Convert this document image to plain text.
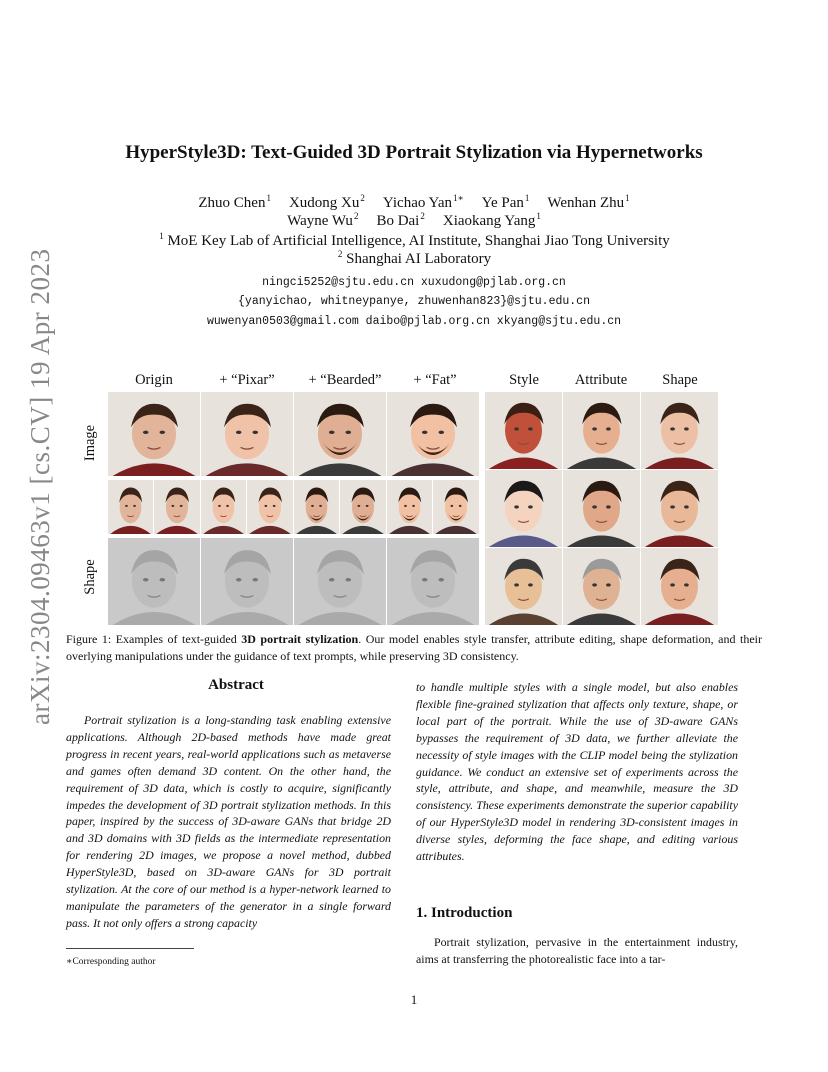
arXiv:2304.09463v1 [cs.CV] 19 Apr 2023
HyperStyle3D: Text-Guided 3D Portrait Stylization via Hypernetworks
Zhuo Chen$^1$ Xudong Xu$^2$ Yichao Yan$^{1∗}$ Ye Pan$^1$ Wenhan Zhu$^1$
Wayne Wu$^2$ Bo Dai$^2$ Xiaokang Yang$^1$
$^1$ MoE Key Lab of Artificial Intelligence, AI Institute, Shanghai Jiao Tong University
$^2$ Shanghai AI Laboratory
ningci5252@sjtu.edu.cn xuxudong@pjlab.org.cn
{yanyichao, whitneypanye, zhuwenhan823}@sjtu.edu.cn
wuwenyan0503@gmail.com daibo@pjlab.org.cn xkyang@sjtu.edu.cn
Origin	+ “Pixar”	+ “Bearded”	+ “Fat”	Style	Attribute	Shape
Image
Shape
Figure 1: Examples of text-guided 3D portrait stylization. Our model enables style transfer, attribute editing, shape deformation, and their overlying manipulations under the guidance of text prompts, while preserving 3D consistency.
Abstract

Portrait stylization is a long-standing task enabling extensive applications. Although 2D-based methods have made great progress in recent years, real-world applications such as metaverse and games often demand 3D content. On the other hand, the requirement of 3D data, which is costly to acquire, significantly impedes the development of 3D portrait stylization methods. In this paper, inspired by the success of 3D-aware GANs that bridge 2D and 3D domains with 3D fields as the intermediate representation for rendering 2D images, we propose a novel method, dubbed HyperStyle3D, based on 3D-aware GANs for 3D portrait stylization. At the core of our method is a hyper-network learned to manipulate the parameters of the generator in a single forward pass. It not only offers a strong capacity

to handle multiple styles with a single model, but also enables flexible fine-grained stylization that affects only texture, shape, or local part of the portrait. While the use of 3D-aware GANs bypasses the requirement of 3D data, we further alleviate the necessity of style images with the CLIP model being the stylization guidance. We conduct an extensive set of experiments across the style, attribute, and shape, and meanwhile, measure the 3D consistency. These experiments demonstrate the superior capability of our HyperStyle3D model in rendering 3D-consistent images in diverse styles, deforming the face shape, and editing various attributes.

1. Introduction

Portrait stylization, pervasive in the entertainment industry, aims at transferring the photorealistic face into a tar-

∗Corresponding author
1
